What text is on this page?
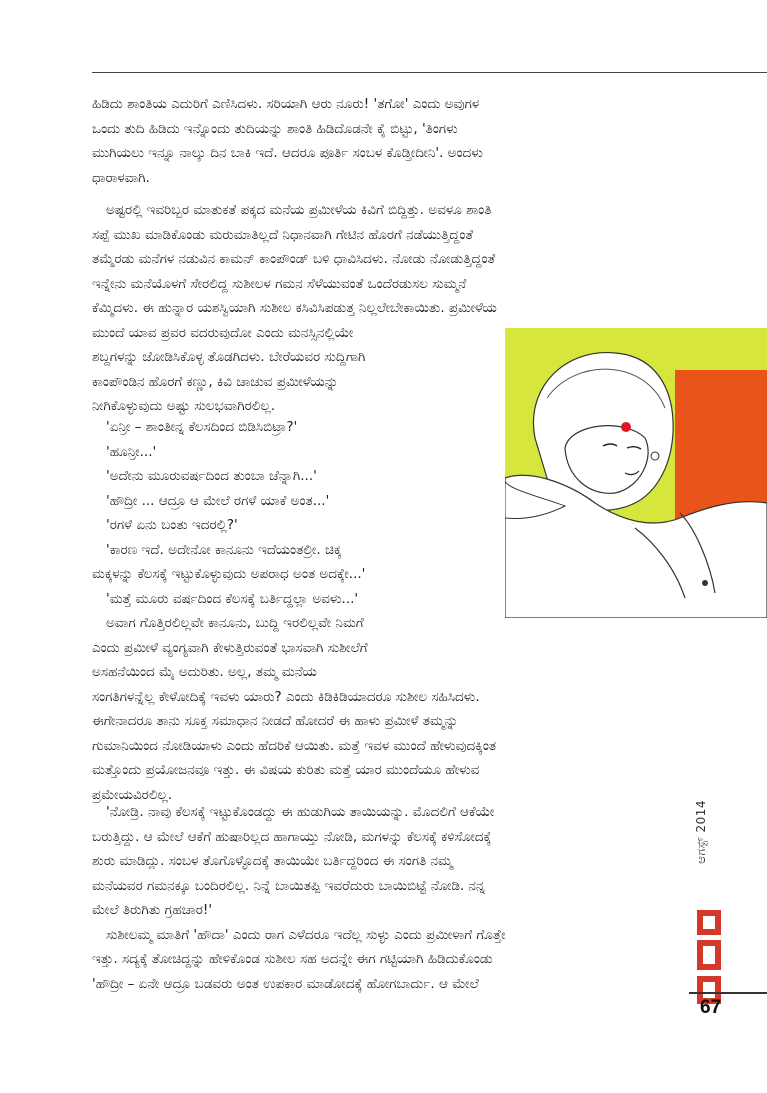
ಹಿಡಿದು ಶಾಂತಿಯ ಎದುರಿಗೆ ಎಣಿಸಿದಳು. ಸರಿಯಾಗಿ ಆರು ನೂರು! 'ತಗೋ' ಎಂದು ಅವುಗಳ
ಒಂದು ತುದಿ ಹಿಡಿದು ಇನ್ನೊಂದು ತುದಿಯನ್ನು ಶಾಂತಿ ಹಿಡಿದೊಡನೇ ಕೈ ಬಿಟ್ಟು, 'ತಿಂಗಳು
ಮುಗಿಯಲು ಇನ್ನೂ ನಾಲ್ಕು ದಿನ ಬಾಕಿ ಇದೆ. ಆದರೂ ಪೂರ್ತಿ ಸಂಬಳ ಕೊಡ್ತೀದೀನಿ'. ಅಂದಳು
ಧಾರಾಳವಾಗಿ.
ಅಷ್ಟರಲ್ಲಿ ಇವರಿಬ್ಬರ ಮಾತುಕತೆ ಪಕ್ಕದ ಮನೆಯ ಪ್ರಮೀಳೆಯ ಕಿವಿಗೆ ಬಿದ್ದಿತ್ತು. ಅವಳೂ ಶಾಂತಿ
ಸಪ್ಪೆ ಮುಖ ಮಾಡಿಕೊಂಡು ಮರುಮಾತಿಲ್ಲದೆ ನಿಧಾನವಾಗಿ ಗೇಟಿನ ಹೊರಗೆ ನಡೆಯುತ್ತಿದ್ದಂತೆ
ತಮ್ಮೆರಡು ಮನೆಗಳ ನಡುವಿನ ಕಾಮನ್ ಕಾಂಪೌಂಡ್ ಬಳಿ ಧಾವಿಸಿದಳು. ನೋಡು ನೋಡುತ್ತಿದ್ದಂತೆ
ಇನ್ನೇನು ಮನೆಯೊಳಗೆ ಸೇರಲಿದ್ದ ಸುಶೀಲಳ ಗಮನ ಸೆಳೆಯುವಂತೆ ಒಂದೆರಡುಸಲ ಸುಮ್ಮನೆ
ಕೆಮ್ಮಿದಳು. ಈ ಹುನ್ನಾರ ಯಶಸ್ವಿಯಾಗಿ ಸುಶೀಲ ಕಸಿವಿಸಿಪಡುತ್ತ ನಿಲ್ಲಲೇಬೇಕಾಯಿತು. ಪ್ರಮೀಳೆಯ
ಮುಂದೆ ಯಾವ ಪ್ರವರ ವದರುವುದೋ ಎಂದು ಮನಸ್ಸಿನಲ್ಲಿಯೇ
ಶಬ್ದಗಳನ್ನು ಜೋಡಿಸಿಕೊಳ್ಳ ತೊಡಗಿದಳು. ಬೇರೆಯವರ ಸುದ್ದಿಗಾಗಿ
ಕಾಂಪೌಂಡಿನ ಹೊರಗೆ ಕಣ್ಣು, ಕಿವಿ ಚಾಚುವ ಪ್ರಮೀಳೆಯನ್ನು
ನೀಗಿಕೊಳ್ಳುವುದು ಅಷ್ಟು ಸುಲಭವಾಗಿರಲಿಲ್ಲ.
'ಏನ್ರೀ – ಶಾಂತೀನ್ನ ಕೆಲಸದಿಂದ ಬಿಡಿಸಿಬಿಟ್ರಾ?'
'ಹೂನ್ರೀ...'
'ಅದೇನು ಮೂರುವರ್ಷದಿಂದ ತುಂಬಾ ಚೆನ್ನಾಗಿ...'
'ಹೌದ್ರೀ ... ಆದ್ರೂ ಆ ಮೇಲೆ ರಗಳೆ ಯಾಕೆ ಅಂತ...'
'ರಗಳೆ ಏನು ಬಂತು ಇದರಲ್ಲಿ?'
'ಕಾರಣ ಇದೆ. ಅದೇನೋ ಕಾನೂನು ಇದೆಯಂತಲ್ರೀ. ಚಿಕ್ಕ
ಮಕ್ಕಳನ್ನು ಕೆಲಸಕ್ಕೆ ಇಟ್ಟುಕೊಳ್ಳುವುದು ಅಪರಾಧ ಅಂತ ಅದಕ್ಕೇ...'
'ಮತ್ತೆ ಮೂರು ವರ್ಷದಿಂದ ಕೆಲಸಕ್ಕೆ ಬರ್ತಿದ್ದಲ್ಲಾ ಅವಳು...'
ಅವಾಗ ಗೊತ್ತಿರಲಿಲ್ಲವೇ ಕಾನೂನು, ಬುದ್ದಿ ಇರಲಿಲ್ಲವೇ ನಿಮಗೆ
ಎಂದು ಪ್ರಮೀಳೆ ವ್ಯಂಗ್ಯವಾಗಿ ಕೇಳುತ್ತಿರುವಂತೆ ಭಾಸವಾಗಿ ಸುಶೀಲೆಗೆ
ಅಸಹನೆಯಿಂದ ಮೈ ಅದುರಿತು. ಅಲ್ಲ, ತಮ್ಮ ಮನೆಯ
ಸಂಗತಿಗಳನ್ನೆಲ್ಲ ಕೇಳೋದಿಕ್ಕೆ ಇವಳು ಯಾರು? ಎಂದು ಕಿಡಿಕಿಡಿಯಾದರೂ ಸುಶೀಲ ಸಹಿಸಿದಳು.
ಈಗೇನಾದರೂ ತಾನು ಸೂಕ್ತ ಸಮಾಧಾನ ನೀಡದೆ ಹೋದರೆ ಈ ಹಾಳು ಪ್ರಮೀಳೆ ತಮ್ಮನ್ನು
ಗುಮಾನಿಯಿಂದ ನೋಡಿಯಾಳು ಎಂದು ಹೆದರಿಕೆ ಆಯಿತು. ಮತ್ತೆ ಇವಳ ಮುಂದೆ ಹೇಳುವುದಕ್ಕಿಂತ
ಮತ್ತೊಂದು ಪ್ರಯೋಜನವೂ ಇತ್ತು. ಈ ವಿಷಯ ಕುರಿತು ಮತ್ತೆ ಯಾರ ಮುಂದೆಯೂ ಹೇಳುವ
ಪ್ರಮೇಯವಿರಲಿಲ್ಲ.
'ನೋಡ್ರಿ. ನಾವು ಕೆಲಸಕ್ಕೆ ಇಟ್ಟುಕೊಂಡದ್ದು ಈ ಹುಡುಗಿಯ ತಾಯಿಯನ್ನು. ಮೊದಲಿಗೆ ಆಕೆಯೇ
ಬರುತ್ತಿದ್ದು. ಆ ಮೇಲೆ ಆಕೆಗೆ ಹುಷಾರಿಲ್ಲದ ಹಾಗಾಯ್ತು ನೋಡಿ, ಮಗಳನ್ನು ಕೆಲಸಕ್ಕೆ ಕಳಿಸೋದಕ್ಕೆ
ಶುರು ಮಾಡಿದ್ಲು. ಸಂಬಳ ತೊಗೊಳ್ಳೊದಕ್ಕೆ ತಾಯಿಯೇ ಬರ್ತಿದ್ದರಿಂದ ಈ ಸಂಗತಿ ನಮ್ಮ
ಮನೆಯವರ ಗಮನಕ್ಕೂ ಬಂದಿರಲಿಲ್ಲ. ನಿನ್ನೆ ಬಾಯಿತಪ್ಪಿ ಇವರೆದುರು ಬಾಯಿಬಿಟ್ಟೆ ನೋಡಿ. ನನ್ನ
ಮೇಲೆ ತಿರುಗಿತು ಗ್ರಹಚಾರ!'
ಸುಶೀಲಮ್ಮ ಮಾತಿಗೆ 'ಹೌದಾ' ಎಂದು ರಾಗ ಎಳೆದರೂ ಇದೆಲ್ಲ ಸುಳ್ಳು ಎಂದು ಪ್ರಮೀಳಾಗೆ ಗೊತ್ತೇ
ಇತ್ತು. ಸದ್ಯಕ್ಕೆ ತೋಚಿದ್ದನ್ನು ಹೇಳಿಕೊಂಡ ಸುಶೀಲ ಸಹ ಅದನ್ನೇ ಈಗ ಗಟ್ಟಿಯಾಗಿ ಹಿಡಿದುಕೊಂಡು
'ಹೌದ್ರೀ – ಏನೇ ಆದ್ರೂ ಬಡವರು ಅಂತ ಉಪಕಾರ ಮಾಡೋದಕ್ಕೆ ಹೋಗಬಾರ್ದು. ಆ ಮೇಲೆ
ಆಗಸ್ಟ್ 2014
67
